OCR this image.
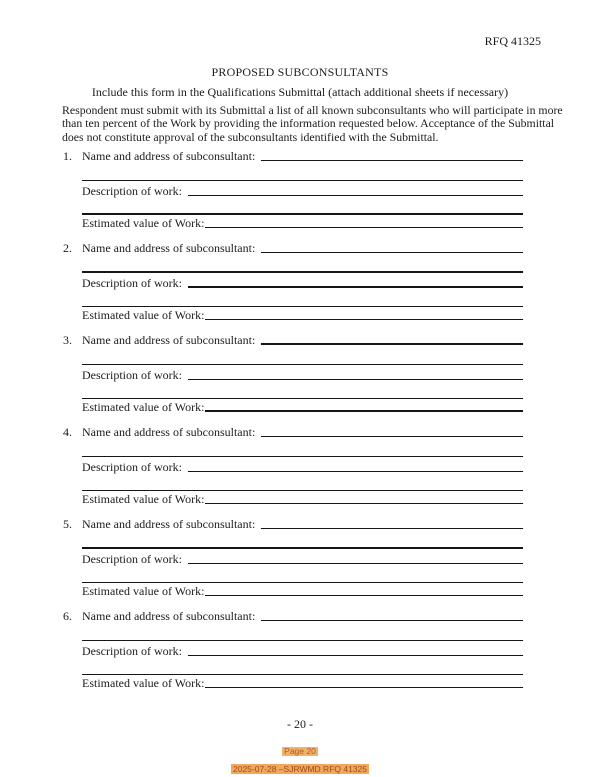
RFQ 41325
PROPOSED SUBCONSULTANTS
Include this form in the Qualifications Submittal (attach additional sheets if necessary)
Respondent must submit with its Submittal a list of all known subconsultants who will participate in more
than ten percent of the Work by providing the information requested below. Acceptance of the Submittal
does not constitute approval of the subconsultants identified with the Submittal.
1. Name and address of subconsultant:
Description of work:
Estimated value of Work:
2. Name and address of subconsultant:
Description of work:
Estimated value of Work:
3. Name and address of subconsultant:
Description of work:
Estimated value of Work:
4. Name and address of subconsultant:
Description of work:
Estimated value of Work:
5. Name and address of subconsultant:
Description of work:
Estimated value of Work:
6. Name and address of subconsultant:
Description of work:
Estimated value of Work:
- 20 -
Page 20
2025-07-28 –SJRWMD RFQ 41325
